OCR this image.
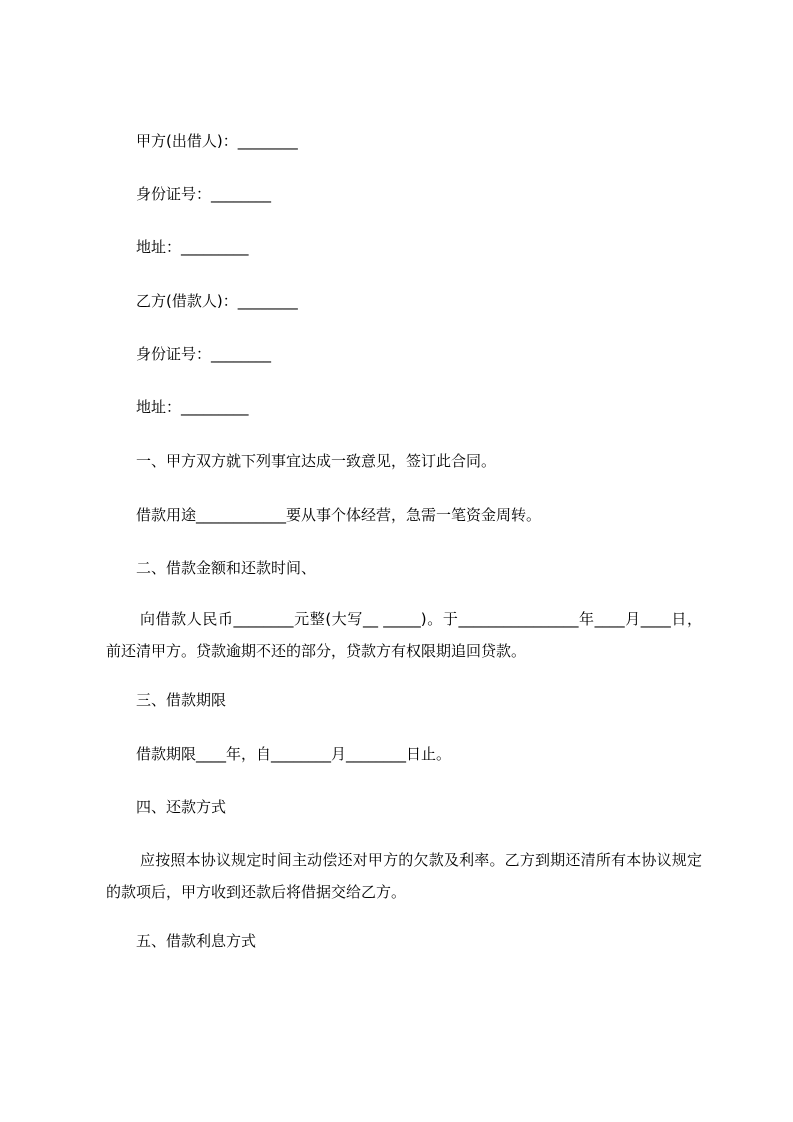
甲方(出借人)：________

身份证号：________

地址：_________

乙方(借款人)：________

身份证号：________

地址：_________

一、甲方双方就下列事宜达成一致意见，签订此合同。

借款用途____________要从事个体经营，急需一笔资金周转。

二、借款金额和还款时间、

向借款人民币________元整(大写__ _____)。于________________年____月____日，前还清甲方。贷款逾期不还的部分，贷款方有权限期追回贷款。

三、借款期限

借款期限____年，自________月________日止。

四、还款方式

应按照本协议规定时间主动偿还对甲方的欠款及利率。乙方到期还清所有本协议规定的款项后，甲方收到还款后将借据交给乙方。

五、借款利息方式
